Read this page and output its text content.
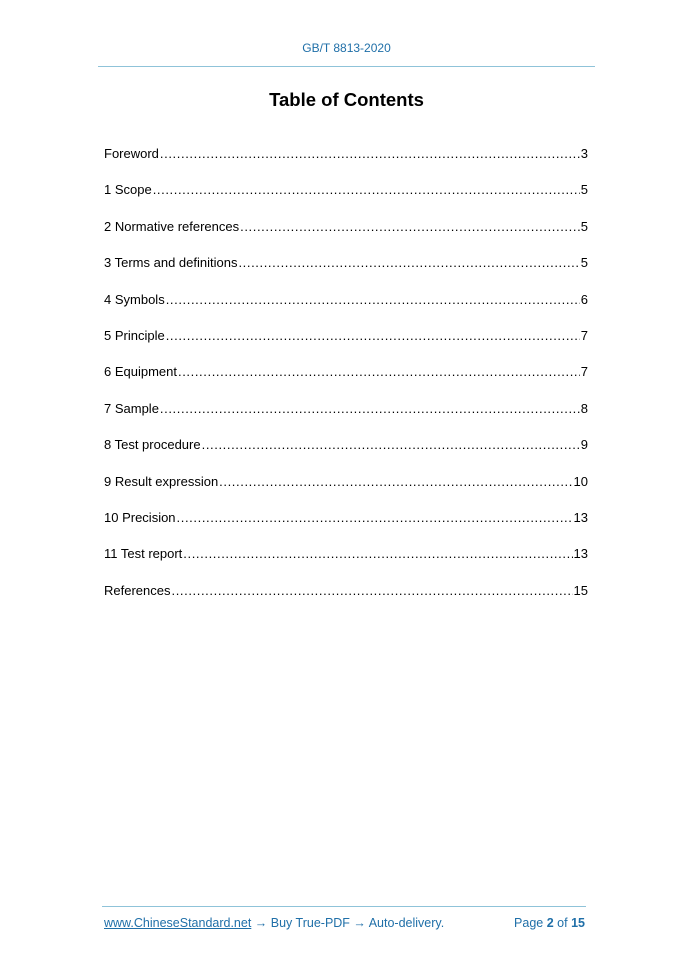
GB/T 8813-2020
Table of Contents
Foreword .....	3
1 Scope .....	5
2 Normative references .....	5
3 Terms and definitions .....	5
4 Symbols .....	6
5 Principle .....	7
6 Equipment .....	7
7 Sample .....	8
8 Test procedure .....	9
9 Result expression .....	10
10 Precision .....	13
11 Test report .....	13
References .....	15
www.ChineseStandard.net → Buy True-PDF → Auto-delivery.	Page 2 of 15
